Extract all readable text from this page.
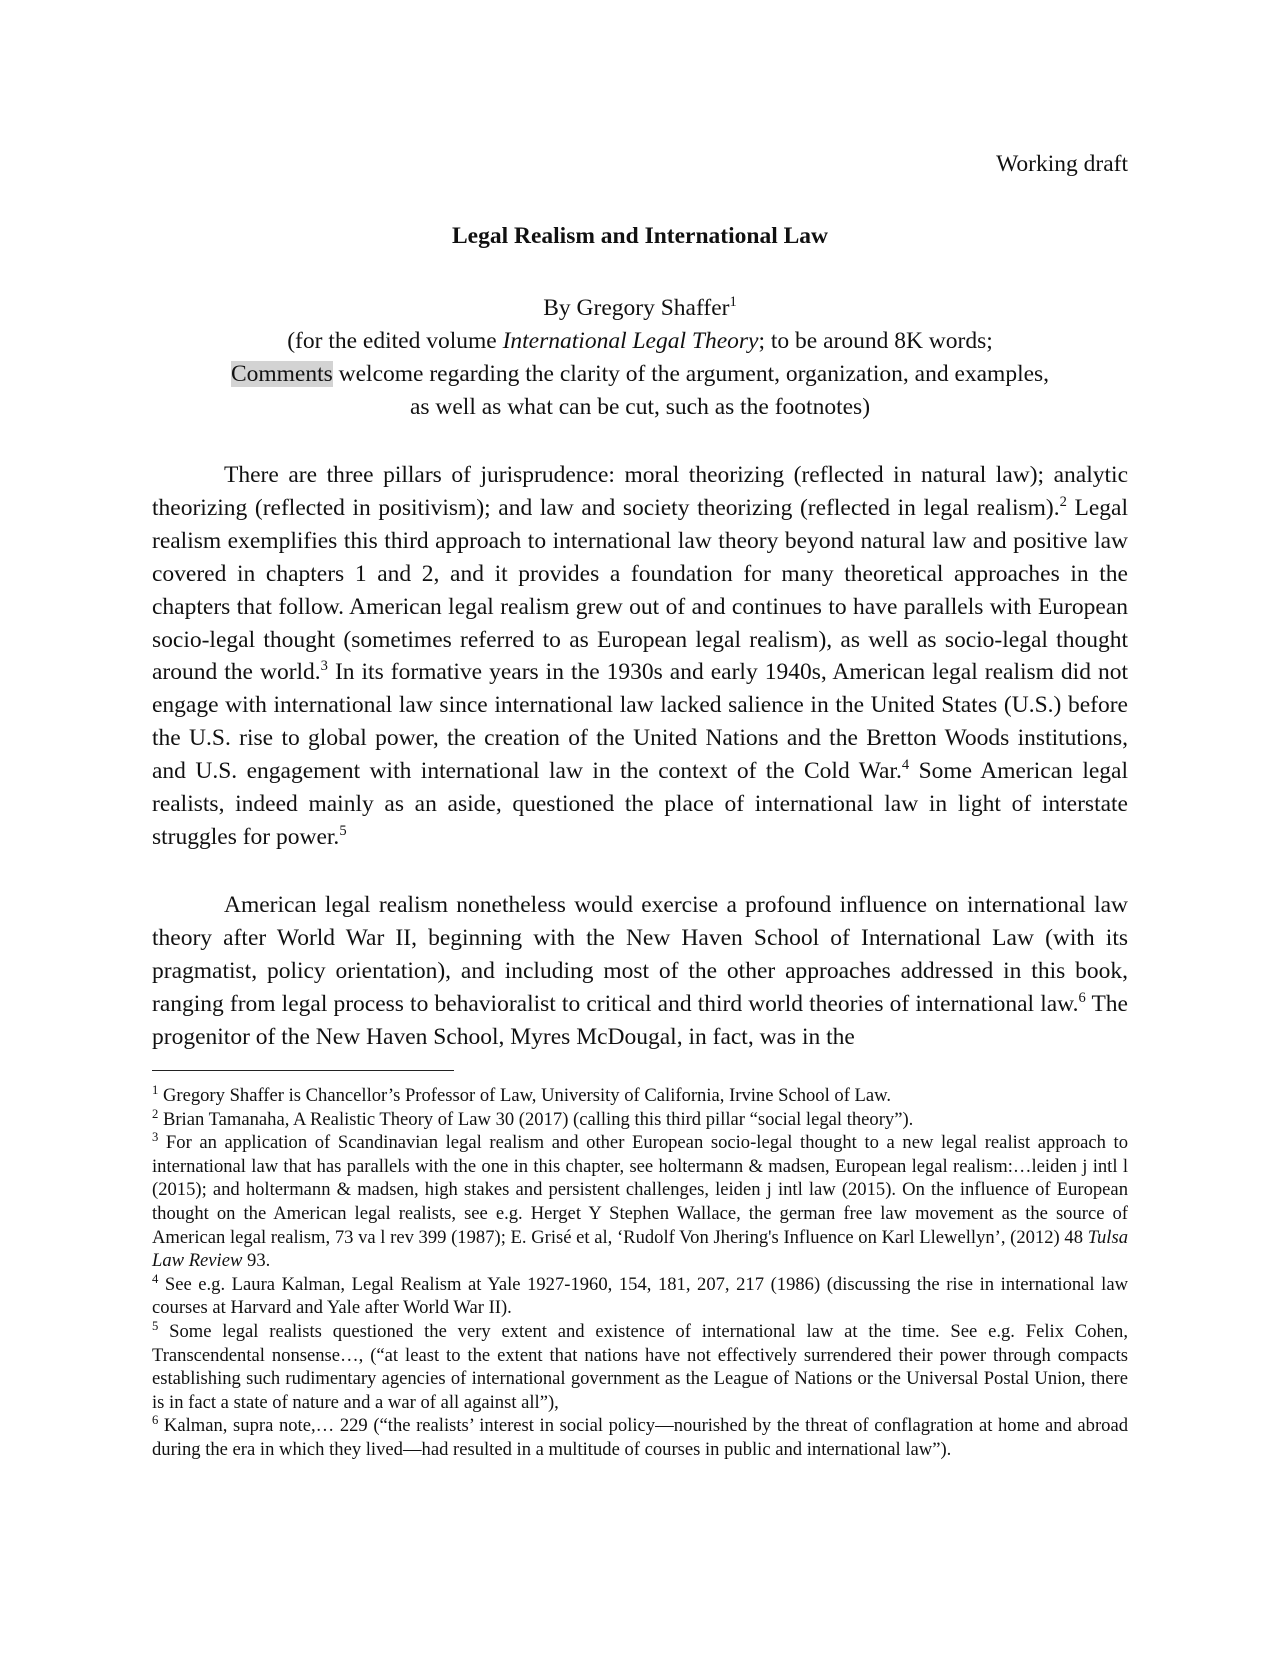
Working draft
Legal Realism and International Law
By Gregory Shaffer$^1$
(for the edited volume International Legal Theory; to be around 8K words;
Comments welcome regarding the clarity of the argument, organization, and examples,
as well as what can be cut, such as the footnotes)

There are three pillars of jurisprudence: moral theorizing (reflected in natural law); analytic theorizing (reflected in positivism); and law and society theorizing (reflected in legal realism).$^2$ Legal realism exemplifies this third approach to international law theory beyond natural law and positive law covered in chapters 1 and 2, and it provides a foundation for many theoretical approaches in the chapters that follow. American legal realism grew out of and continues to have parallels with European socio-legal thought (sometimes referred to as European legal realism), as well as socio-legal thought around the world.$^3$ In its formative years in the 1930s and early 1940s, American legal realism did not engage with international law since international law lacked salience in the United States (U.S.) before the U.S. rise to global power, the creation of the United Nations and the Bretton Woods institutions, and U.S. engagement with international law in the context of the Cold War.$^4$ Some American legal realists, indeed mainly as an aside, questioned the place of international law in light of interstate struggles for power.$^5$

American legal realism nonetheless would exercise a profound influence on international law theory after World War II, beginning with the New Haven School of International Law (with its pragmatist, policy orientation), and including most of the other approaches addressed in this book, ranging from legal process to behavioralist to critical and third world theories of international law.$^6$ The progenitor of the New Haven School, Myres McDougal, in fact, was in the

$^1$ Gregory Shaffer is Chancellor’s Professor of Law, University of California, Irvine School of Law.

$^2$ Brian Tamanaha, A Realistic Theory of Law 30 (2017) (calling this third pillar “social legal theory”).

$^3$ For an application of Scandinavian legal realism and other European socio-legal thought to a new legal realist approach to international law that has parallels with the one in this chapter, see holtermann & madsen, European legal realism:…leiden j intl l (2015); and holtermann & madsen, high stakes and persistent challenges, leiden j intl law (2015). On the influence of European thought on the American legal realists, see e.g. Herget Y Stephen Wallace, the german free law movement as the source of American legal realism, 73 va l rev 399 (1987); E. Grisé et al, ‘Rudolf Von Jhering's Influence on Karl Llewellyn’, (2012) 48 Tulsa Law Review 93.

$^4$ See e.g. Laura Kalman, Legal Realism at Yale 1927-1960, 154, 181, 207, 217 (1986) (discussing the rise in international law courses at Harvard and Yale after World War II).

$^5$ Some legal realists questioned the very extent and existence of international law at the time. See e.g. Felix Cohen, Transcendental nonsense…, (“at least to the extent that nations have not effectively surrendered their power through compacts establishing such rudimentary agencies of international government as the League of Nations or the Universal Postal Union, there is in fact a state of nature and a war of all against all”),

$^6$ Kalman, supra note,… 229 (“the realists’ interest in social policy—nourished by the threat of conflagration at home and abroad during the era in which they lived—had resulted in a multitude of courses in public and international law”).
